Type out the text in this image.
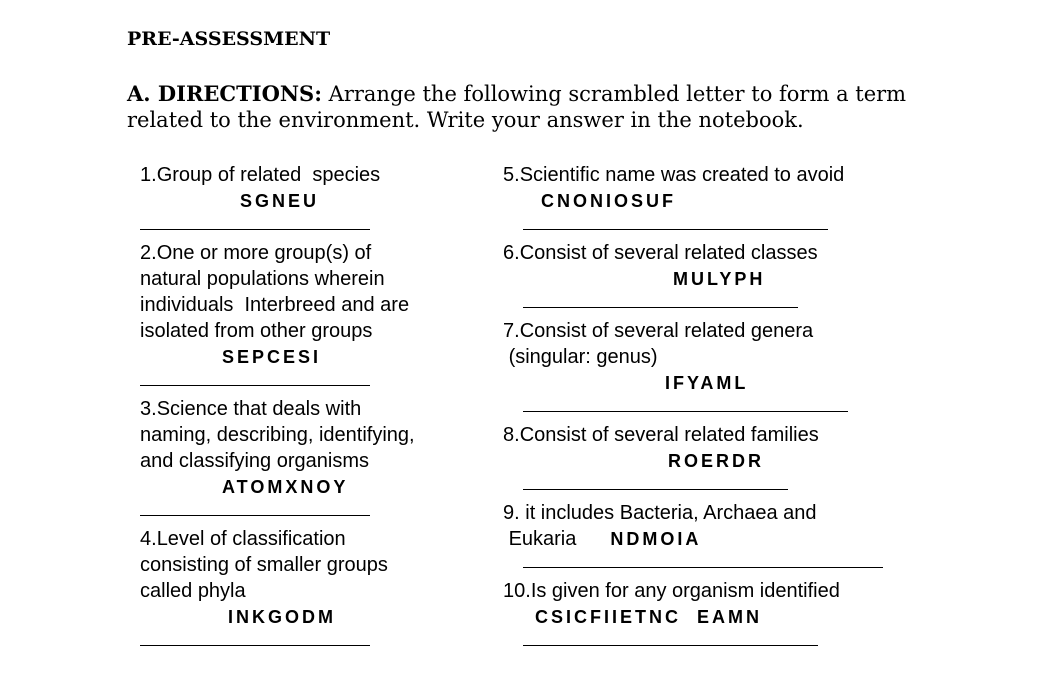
PRE-ASSESSMENT
A. DIRECTIONS: Arrange the following scrambled letter to form a term related to the environment. Write your answer in the notebook.
1.Group of related  species
SGNEU
2.One or more group(s) of
natural populations wherein
individuals  Interbreed and are
isolated from other groups
SEPCESI
3.Science that deals with
naming, describing, identifying,
and classifying organisms
ATOMXNOY
4.Level of classification
consisting of smaller groups
called phyla
INKGODM
5.Scientific name was created to avoid
CNONIOSUF
6.Consist of several related classes
MULYPH
7.Consist of several related genera
(singular: genus)
IFYAML
8.Consist of several related families
ROERDR
9. it includes Bacteria, Archaea and
Eukaria NDMOIA
10.Is given for any organism identified
CSICFIIETNC  EAMN
